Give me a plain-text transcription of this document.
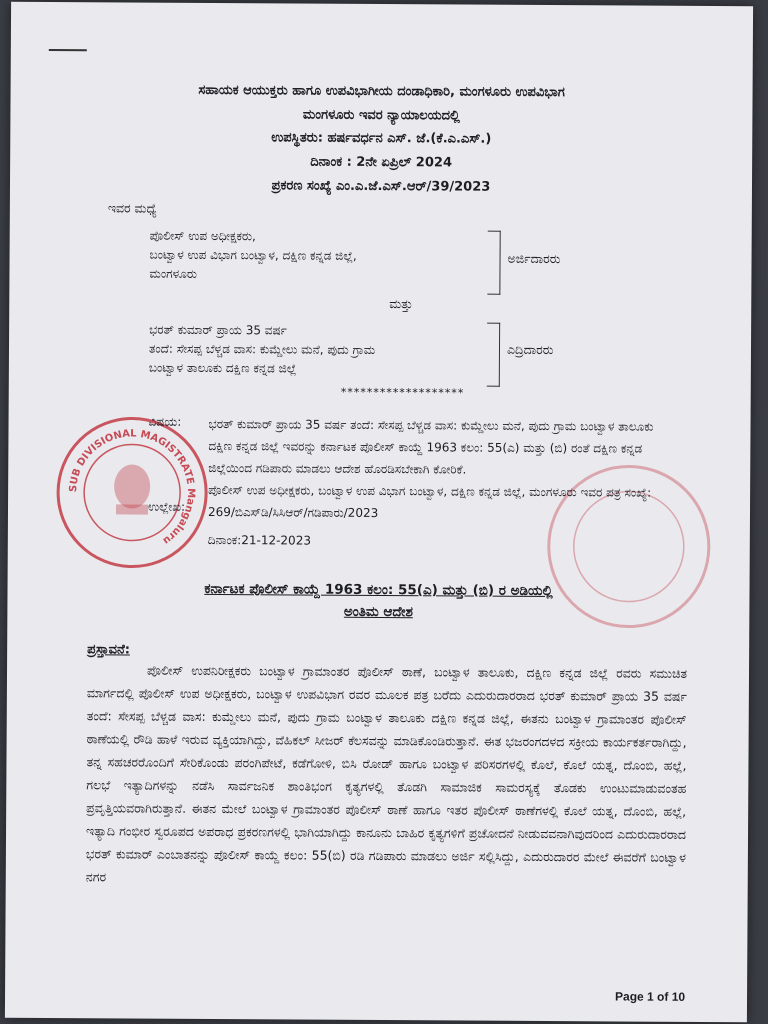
ಸಹಾಯಕ ಆಯುಕ್ತರು ಹಾಗೂ ಉಪವಿಭಾಗೀಯ ದಂಡಾಧಿಕಾರಿ, ಮಂಗಳೂರು ಉಪವಿಭಾಗ
ಮಂಗಳೂರು ಇವರ ನ್ಯಾಯಾಲಯದಲ್ಲಿ
ಉಪಸ್ಥಿತರು: ಹರ್ಷವರ್ಧನ ಎಸ್. ಜೆ.(ಕೆ.ಎ.ಎಸ್.)
ದಿನಾಂಕ : 2ನೇ ಏಪ್ರಿಲ್ 2024
ಪ್ರಕರಣ ಸಂಖ್ಯೆ ಎಂ.ಎ.ಜೆ.ಎಸ್.ಆರ್/39/2023
ಇವರ ಮಧ್ಯೆ
ಪೊಲೀಸ್ ಉಪ ಅಧೀಕ್ಷಕರು,
ಬಂಟ್ವಾಳ ಉಪ ವಿಭಾಗ ಬಂಟ್ವಾಳ, ದಕ್ಷಿಣ ಕನ್ನಡ ಜಿಲ್ಲೆ,
ಮಂಗಳೂರು
ಅರ್ಜಿದಾರರು
ಮತ್ತು
ಭರತ್ ಕುಮಾರ್ ಪ್ರಾಯ 35 ವರ್ಷ
ತಂದೆ: ಸೇಸಪ್ಪ ಬೆಳ್ಚಡ ವಾಸ: ಕುಮ್ಡೇಲು ಮನೆ, ಪುದು ಗ್ರಾಮ
ಬಂಟ್ವಾಳ ತಾಲೂಕು ದಕ್ಷಿಣ ಕನ್ನಡ ಜಿಲ್ಲೆ
ಎದ್ರಿದಾರರು
*******************
SUB DIVISIONAL MAGISTRATE Mangaluru
ವಿಷಯ:
ಉಲ್ಲೇಖ:
ಭರತ್ ಕುಮಾರ್ ಪ್ರಾಯ 35 ವರ್ಷ ತಂದೆ: ಸೇಸಪ್ಪ ಬೆಳ್ಚಡ ವಾಸ: ಕುಮ್ಡೇಲು ಮನೆ, ಪುದು ಗ್ರಾಮ ಬಂಟ್ವಾಳ ತಾಲೂಕು ದಕ್ಷಿಣ ಕನ್ನಡ ಜಿಲ್ಲೆ ಇವರನ್ನು ಕರ್ನಾಟಕ ಪೊಲೀಸ್ ಕಾಯ್ದೆ 1963 ಕಲಂ: 55(ಎ) ಮತ್ತು (ಬಿ) ರಂತೆ ದಕ್ಷಿಣ ಕನ್ನಡ ಜಿಲ್ಲೆಯಿಂದ ಗಡಿಪಾರು ಮಾಡಲು ಆದೇಶ ಹೊರಡಿಸಬೇಕಾಗಿ ಕೋರಿಕೆ.
ಪೊಲೀಸ್ ಉಪ ಅಧೀಕ್ಷಕರು, ಬಂಟ್ವಾಳ ಉಪ ವಿಭಾಗ ಬಂಟ್ವಾಳ, ದಕ್ಷಿಣ ಕನ್ನಡ ಜಿಲ್ಲೆ, ಮಂಗಳೂರು ಇವರ ಪತ್ರ ಸಂಖ್ಯೆ: 269/ಬಿಎಸ್‌ಡಿ/ಸಿಸಿಆರ್/ಗಡಿಪಾರು/2023
ದಿನಾಂಕ:21-12-2023
ಕರ್ನಾಟಕ ಪೊಲೀಸ್ ಕಾಯ್ದೆ 1963 ಕಲಂ: 55(ಎ) ಮತ್ತು (ಬಿ) ರ ಅಡಿಯಲ್ಲಿ
ಅಂತಿಮ ಆದೇಶ
ಪ್ರಸ್ತಾವನೆ:
ಪೊಲೀಸ್ ಉಪನಿರೀಕ್ಷಕರು ಬಂಟ್ವಾಳ ಗ್ರಾಮಾಂತರ ಪೊಲೀಸ್ ಠಾಣೆ, ಬಂಟ್ವಾಳ ತಾಲೂಕು, ದಕ್ಷಿಣ ಕನ್ನಡ ಜಿಲ್ಲೆ ರವರು ಸಮುಚಿತ ಮಾರ್ಗದಲ್ಲಿ ಪೊಲೀಸ್ ಉಪ ಅಧೀಕ್ಷಕರು, ಬಂಟ್ವಾಳ ಉಪವಿಭಾಗ ರವರ ಮೂಲಕ ಪತ್ರ ಬರೆದು ಎದುರುದಾರರಾದ ಭರತ್ ಕುಮಾರ್ ಪ್ರಾಯ 35 ವರ್ಷ ತಂದೆ: ಸೇಸಪ್ಪ ಬೆಳ್ಚಡ ವಾಸ: ಕುಮ್ಡೇಲು ಮನೆ, ಪುದು ಗ್ರಾಮ ಬಂಟ್ವಾಳ ತಾಲೂಕು ದಕ್ಷಿಣ ಕನ್ನಡ ಜಿಲ್ಲೆ, ಈತನು ಬಂಟ್ವಾಳ ಗ್ರಾಮಾಂತರ ಪೊಲೀಸ್ ಠಾಣೆಯಲ್ಲಿ ರೌಡಿ ಹಾಳೆ ಇರುವ ವ್ಯಕ್ತಿಯಾಗಿದ್ದು, ವೆಹಿಕಲ್ ಸೀಜರ್ ಕೆಲಸವನ್ನು ಮಾಡಿಕೊಂಡಿರುತ್ತಾನೆ. ಈತ ಭಜರಂಗದಳದ ಸಕ್ರೀಯ ಕಾರ್ಯಕರ್ತರಾಗಿದ್ದು, ತನ್ನ ಸಹಚರರೊಂದಿಗೆ ಸೇರಿಕೊಂಡು ಪರಂಗಿಪೇಟೆ, ಕಡೆಗೋಳಿ, ಬಿಸಿ ರೋಡ್ ಹಾಗೂ ಬಂಟ್ವಾಳ ಪರಿಸರಗಳಲ್ಲಿ ಕೊಲೆ, ಕೊಲೆ ಯತ್ನ, ದೊಂಬಿ, ಹಲ್ಲೆ, ಗಲಭೆ ಇತ್ಯಾದಿಗಳನ್ನು ನಡೆಸಿ ಸಾರ್ವಜನಿಕ ಶಾಂತಿಭಂಗ ಕೃತ್ಯಗಳಲ್ಲಿ ತೊಡಗಿ ಸಾಮಾಜಿಕ ಸಾಮರಸ್ಯಕ್ಕೆ ತೊಡಕು ಉಂಟುಮಾಡುವಂತಹ ಪ್ರವೃತ್ತಿಯವರಾಗಿರುತ್ತಾನೆ. ಈತನ ಮೇಲೆ ಬಂಟ್ವಾಳ ಗ್ರಾಮಾಂತರ ಪೊಲೀಸ್ ಠಾಣೆ ಹಾಗೂ ಇತರ ಪೊಲೀಸ್ ಠಾಣೆಗಳಲ್ಲಿ ಕೊಲೆ ಯತ್ನ, ದೊಂಬಿ, ಹಲ್ಲೆ, ಇತ್ಯಾದಿ ಗಂಭೀರ ಸ್ವರೂಪದ ಅಪರಾಧ ಪ್ರಕರಣಗಳಲ್ಲಿ ಭಾಗಿಯಾಗಿದ್ದು ಕಾನೂನು ಬಾಹಿರ ಕೃತ್ಯಗಳಿಗೆ ಪ್ರಚೋದನೆ ನೀಡುವವನಾಗಿವುದರಿಂದ ಎದುರುದಾರರಾದ ಭರತ್ ಕುಮಾರ್ ಎಂಬಾತನನ್ನು ಪೊಲೀಸ್ ಕಾಯ್ದೆ ಕಲಂ: 55(ಬಿ) ರಡಿ ಗಡಿಪಾರು ಮಾಡಲು ಅರ್ಜಿ ಸಲ್ಲಿಸಿದ್ದು, ಎದುರುದಾರರ ಮೇಲೆ ಈವರೆಗೆ ಬಂಟ್ವಾಳ ನಗರ
Page 1 of 10
